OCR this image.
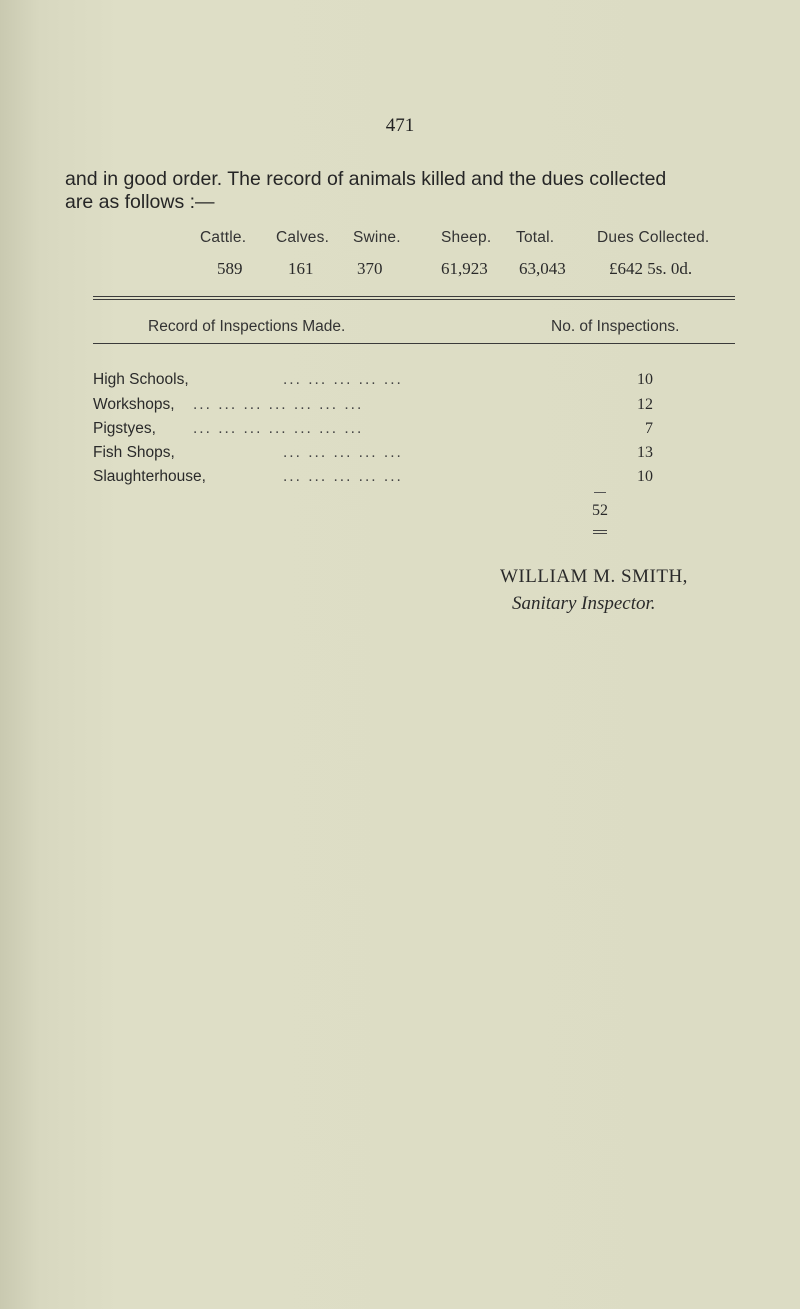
471
and in good order. The record of animals killed and the dues collected
are as follows :—
Cattle. Calves. Swine.	Sheep. Total.	Dues Collected.
589	161	370	61,923 63,043	£642 5s. 0d.
Record of Inspections Made.	No. of Inspections.
High Schools,	... ... ... ... ...	10
Workshops, ... ... ... ... ... ... ...	12
Pigstyes, ... ... ... ... ... ... ...	7
Fish Shops,	... ... ... ... ...	13
Slaughterhouse,	... ... ... ... ...	10
52
WILLIAM M. SMITH,
Sanitary Inspector.
